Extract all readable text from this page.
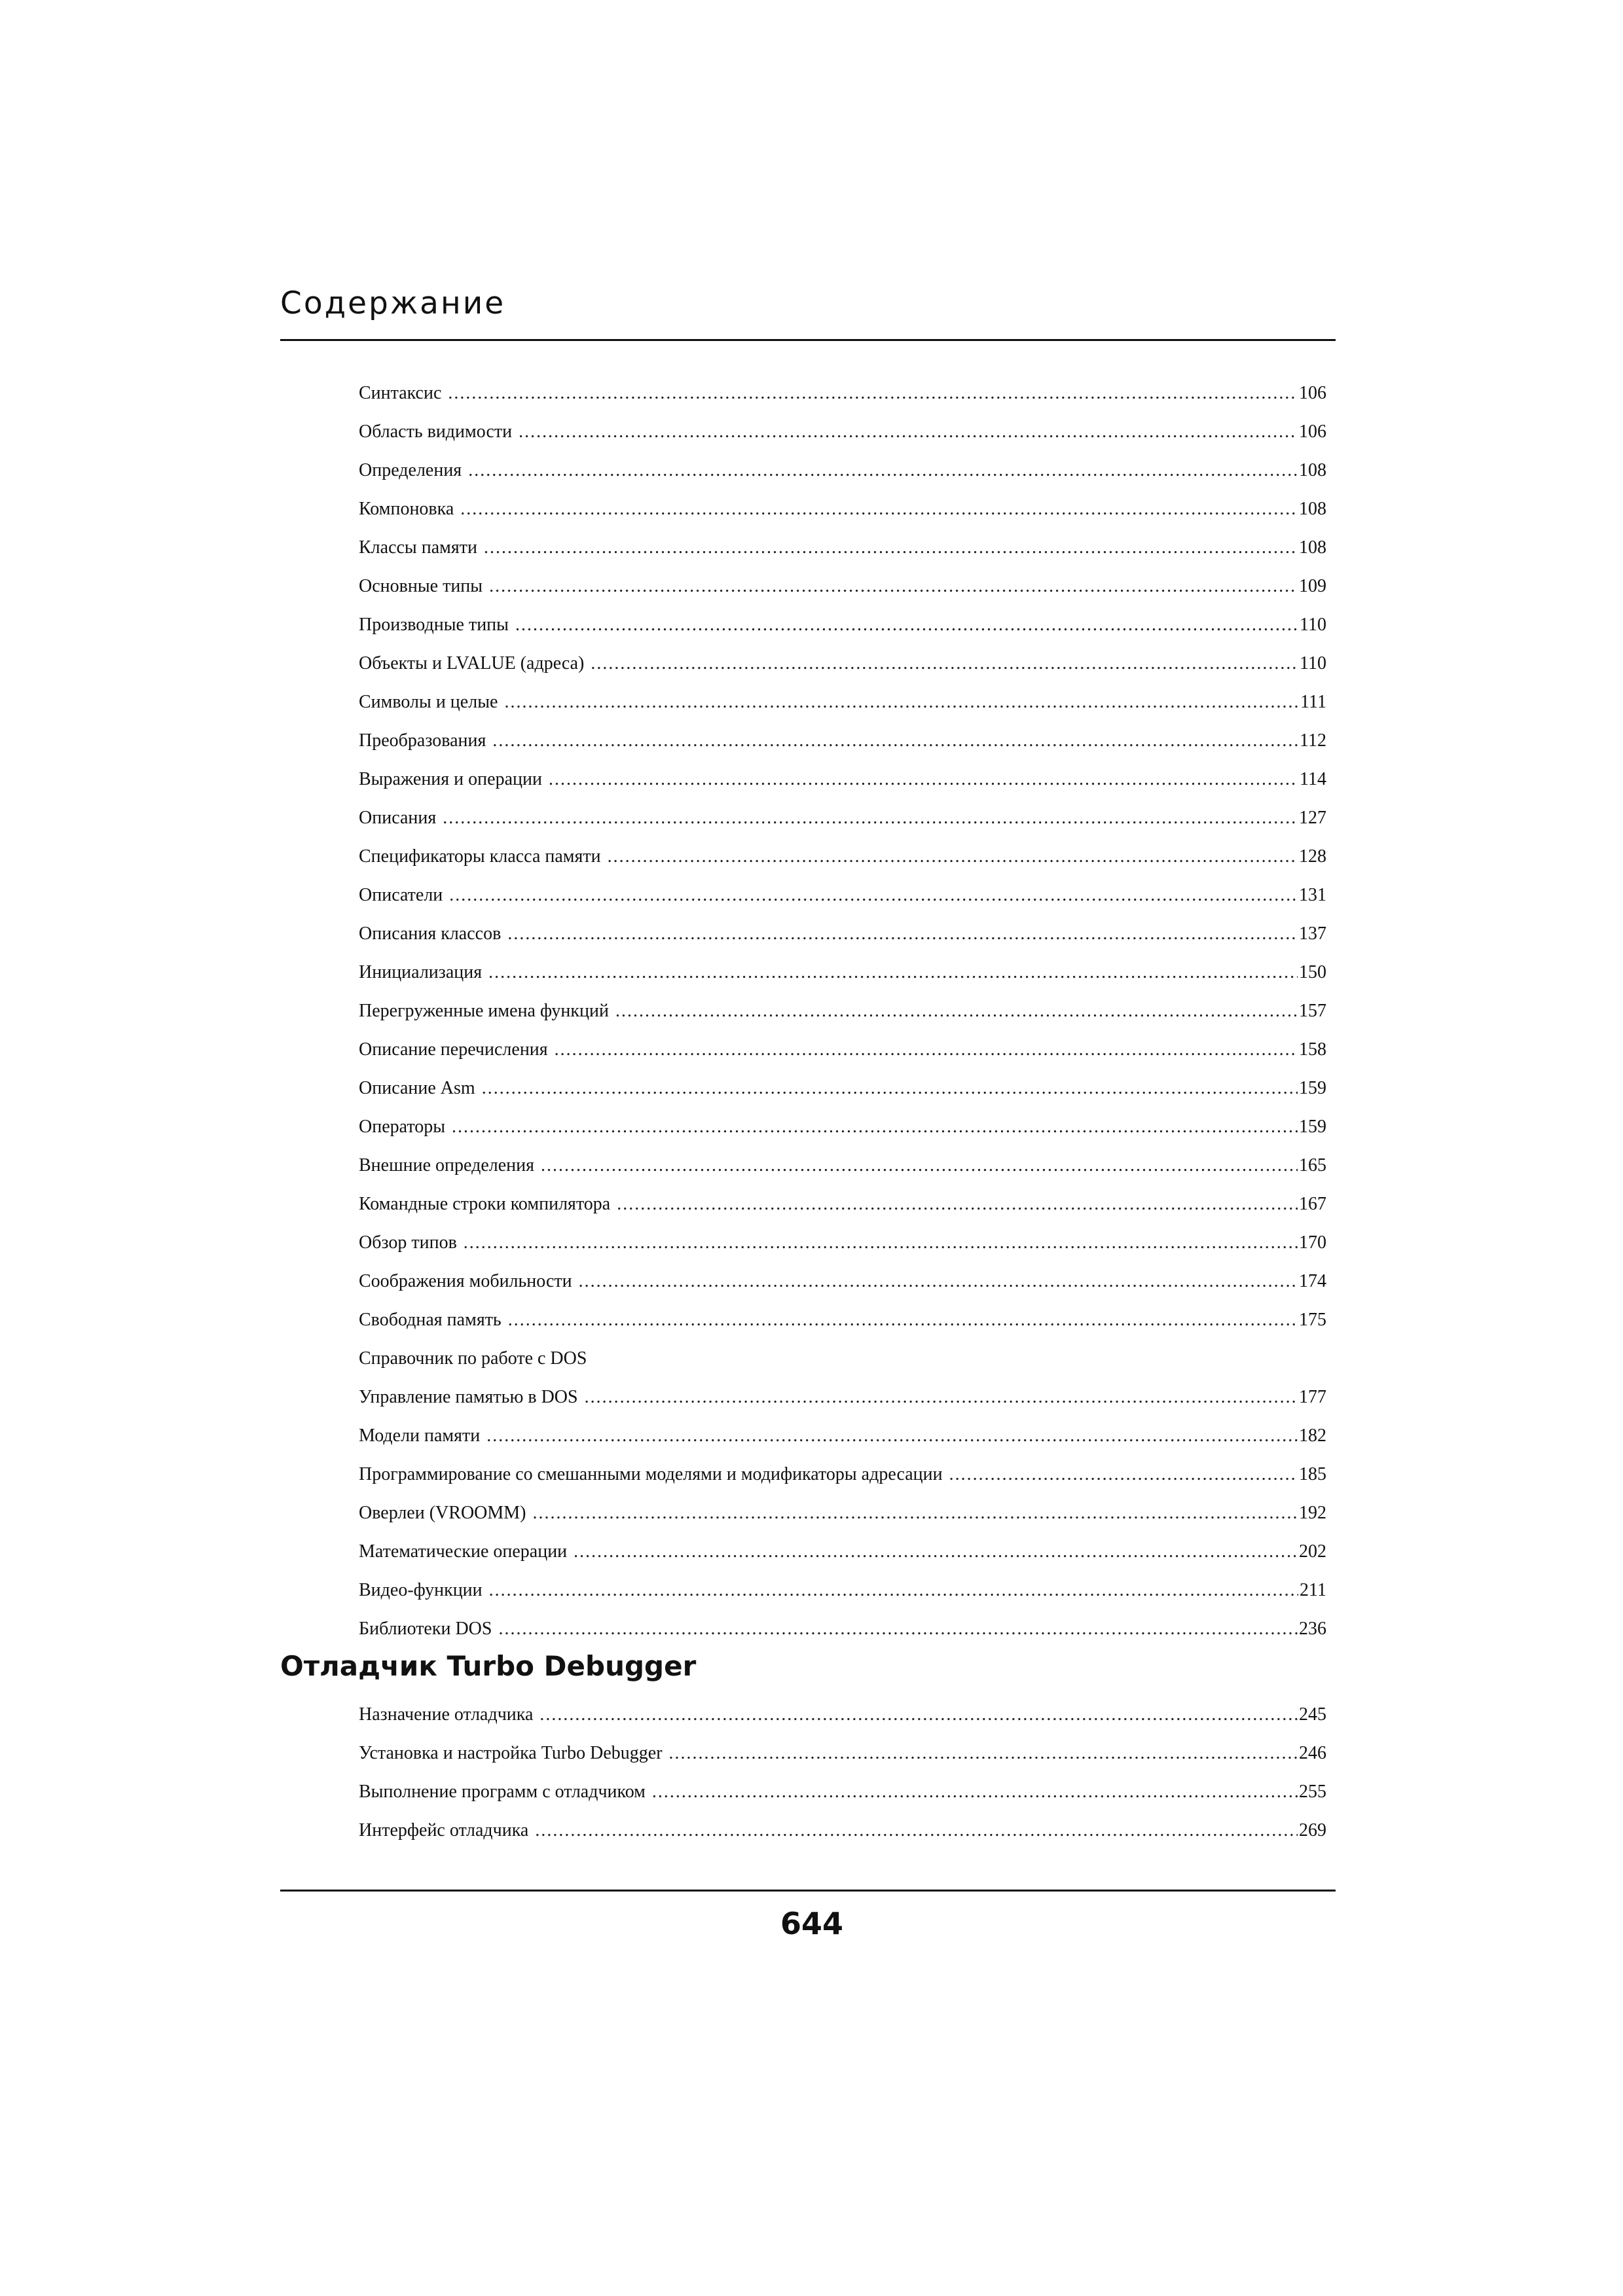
Содержание
Синтаксис .....	106
Область видимости .....	106
Определения .....	108
Компоновка .....	108
Классы памяти .....	108
Основные типы .....	109
Производные типы .....	110
Объекты и LVALUE (адреса) .....	110
Символы и целые .....	111
Преобразования .....	112
Выражения и операции .....	114
Описания .....	127
Спецификаторы класса памяти .....	128
Описатели .....	131
Описания классов .....	137
Инициализация .....	150
Перегруженные имена функций .....	157
Описание перечисления .....	158
Описание Asm .....	159
Операторы .....	159
Внешние определения .....	165
Командные строки компилятора .....	167
Обзор типов .....	170
Соображения мобильности .....	174
Свободная память .....	175
Справочник по работе с DOS
Управление памятью в DOS .....	177
Модели памяти .....	182
Программирование со смешанными моделями и модификаторы адресации .....	185
Оверлеи (VROOMM) .....	192
Математические операции .....	202
Видео-функции .....	211
Библиотеки DOS .....	236
Отладчик Turbo Debugger
Назначение отладчика .....	245
Установка и настройка Turbo Debugger .....	246
Выполнение программ с отладчиком .....	255
Интерфейс отладчика .....	269
644
